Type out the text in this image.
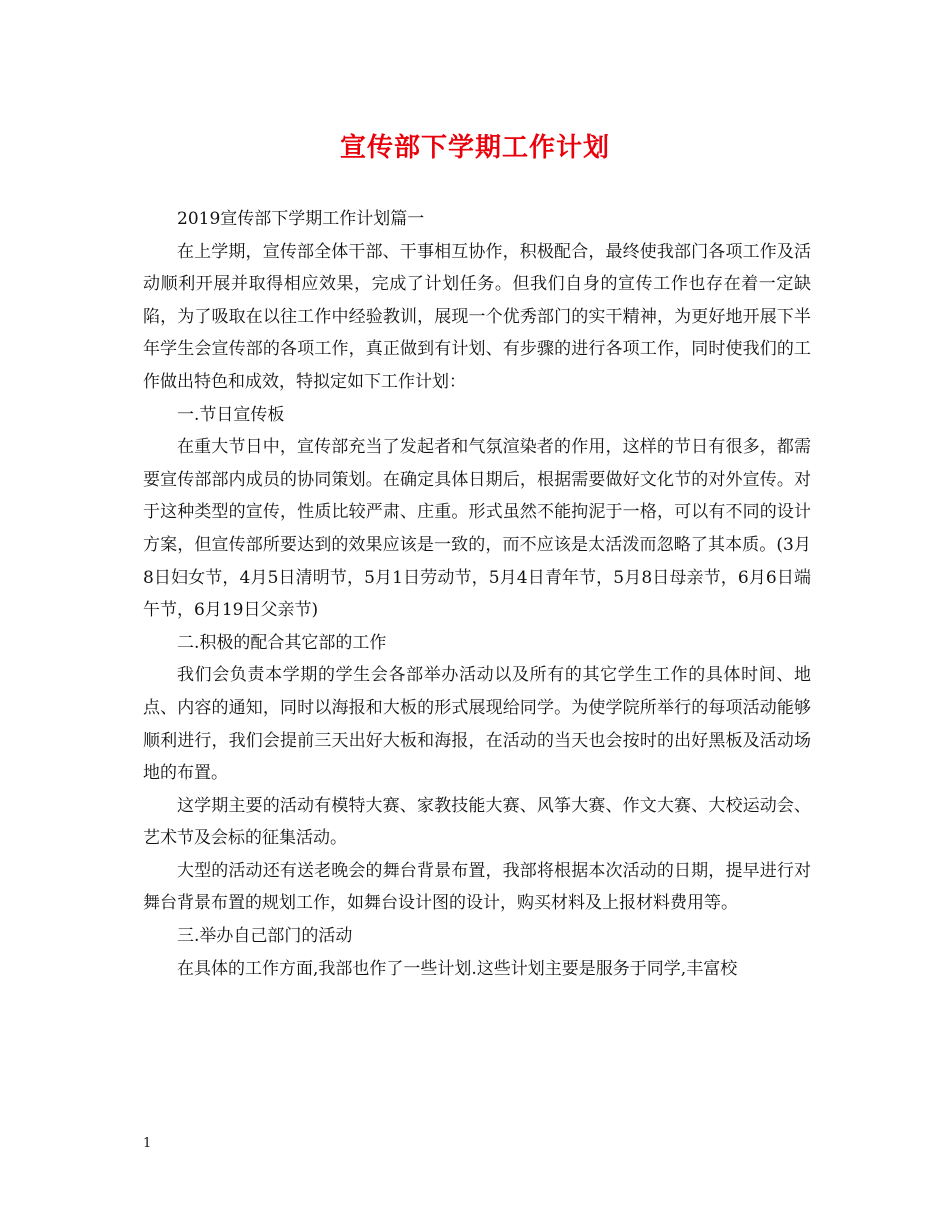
宣传部下学期工作计划

2019宣传部下学期工作计划篇一

在上学期，宣传部全体干部、干事相互协作，积极配合，最终使我部门各项工作及活动顺利开展并取得相应效果，完成了计划任务。但我们自身的宣传工作也存在着一定缺陷，为了吸取在以往工作中经验教训，展现一个优秀部门的实干精神，为更好地开展下半年学生会宣传部的各项工作，真正做到有计划、有步骤的进行各项工作，同时使我们的工作做出特色和成效，特拟定如下工作计划：

一.节日宣传板

在重大节日中，宣传部充当了发起者和气氛渲染者的作用，这样的节日有很多，都需要宣传部部内成员的协同策划。在确定具体日期后，根据需要做好文化节的对外宣传。对于这种类型的宣传，性质比较严肃、庄重。形式虽然不能拘泥于一格，可以有不同的设计方案，但宣传部所要达到的效果应该是一致的，而不应该是太活泼而忽略了其本质。(3月8日妇女节，4月5日清明节，5月1日劳动节，5月4日青年节，5月8日母亲节，6月6日端午节，6月19日父亲节)

二.积极的配合其它部的工作

我们会负责本学期的学生会各部举办活动以及所有的其它学生工作的具体时间、地点、内容的通知，同时以海报和大板的形式展现给同学。为使学院所举行的每项活动能够顺利进行，我们会提前三天出好大板和海报，在活动的当天也会按时的出好黑板及活动场地的布置。

这学期主要的活动有模特大赛、家教技能大赛、风筝大赛、作文大赛、大校运动会、艺术节及会标的征集活动。

大型的活动还有送老晚会的舞台背景布置，我部将根据本次活动的日期，提早进行对舞台背景布置的规划工作，如舞台设计图的设计，购买材料及上报材料费用等。

三.举办自己部门的活动

在具体的工作方面,我部也作了一些计划.这些计划主要是服务于同学,丰富校

1
